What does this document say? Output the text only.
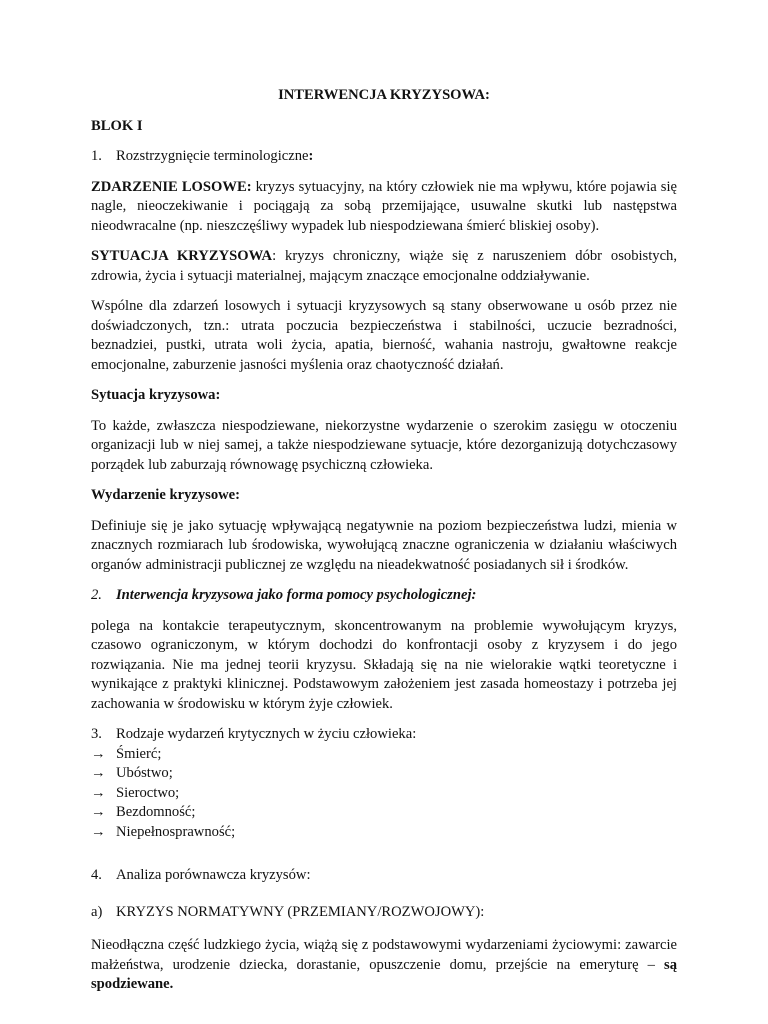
INTERWENCJA KRYZYSOWA:
BLOK I
1. Rozstrzygnięcie terminologiczne:

ZDARZENIE LOSOWE: kryzys sytuacyjny, na który człowiek nie ma wpływu, które pojawia się nagle, nieoczekiwanie i pociągają za sobą przemijające, usuwalne skutki lub następstwa nieodwracalne (np. nieszczęśliwy wypadek lub niespodziewana śmierć bliskiej osoby).

SYTUACJA KRYZYSOWA: kryzys chroniczny, wiąże się z naruszeniem dóbr osobistych, zdrowia, życia i sytuacji materialnej, mającym znaczące emocjonalne oddziaływanie.

Wspólne dla zdarzeń losowych i sytuacji kryzysowych są stany obserwowane u osób przez nie doświadczonych, tzn.: utrata poczucia bezpieczeństwa i stabilności, uczucie bezradności, beznadziei, pustki, utrata woli życia, apatia, bierność, wahania nastroju, gwałtowne reakcje emocjonalne, zaburzenie jasności myślenia oraz chaotyczność działań.

Sytuacja kryzysowa:

To każde, zwłaszcza niespodziewane, niekorzystne wydarzenie o szerokim zasięgu w otoczeniu organizacji lub w niej samej, a także niespodziewane sytuacje, które dezorganizują dotychczasowy porządek lub zaburzają równowagę psychiczną człowieka.

Wydarzenie kryzysowe:

Definiuje się je jako sytuację wpływającą negatywnie na poziom bezpieczeństwa ludzi, mienia w znacznych rozmiarach lub środowiska, wywołującą znaczne ograniczenia w działaniu właściwych organów administracji publicznej ze względu na nieadekwatność posiadanych sił i środków.

2. Interwencja kryzysowa jako forma pomocy psychologicznej:

polega na kontakcie terapeutycznym, skoncentrowanym na problemie wywołującym kryzys, czasowo ograniczonym, w którym dochodzi do konfrontacji osoby z kryzysem i do jego rozwiązania. Nie ma jednej teorii kryzysu. Składają się na nie wielorakie wątki teoretyczne i wynikające z praktyki klinicznej. Podstawowym założeniem jest zasada homeostazy i potrzeba jej zachowania w środowisku w którym żyje człowiek.

3. Rodzaje wydarzeń krytycznych w życiu człowieka:
→ Śmierć;
→ Ubóstwo;
→ Sieroctwo;
→ Bezdomność;
→ Niepełnosprawność;
4. Analiza porównawcza kryzysów:
a) KRYZYS NORMATYWNY (PRZEMIANY/ROZWOJOWY):

Nieodłączna część ludzkiego życia, wiążą się z podstawowymi wydarzeniami życiowymi: zawarcie małżeństwa, urodzenie dziecka, dorastanie, opuszczenie domu, przejście na emeryturę – są spodziewane.
